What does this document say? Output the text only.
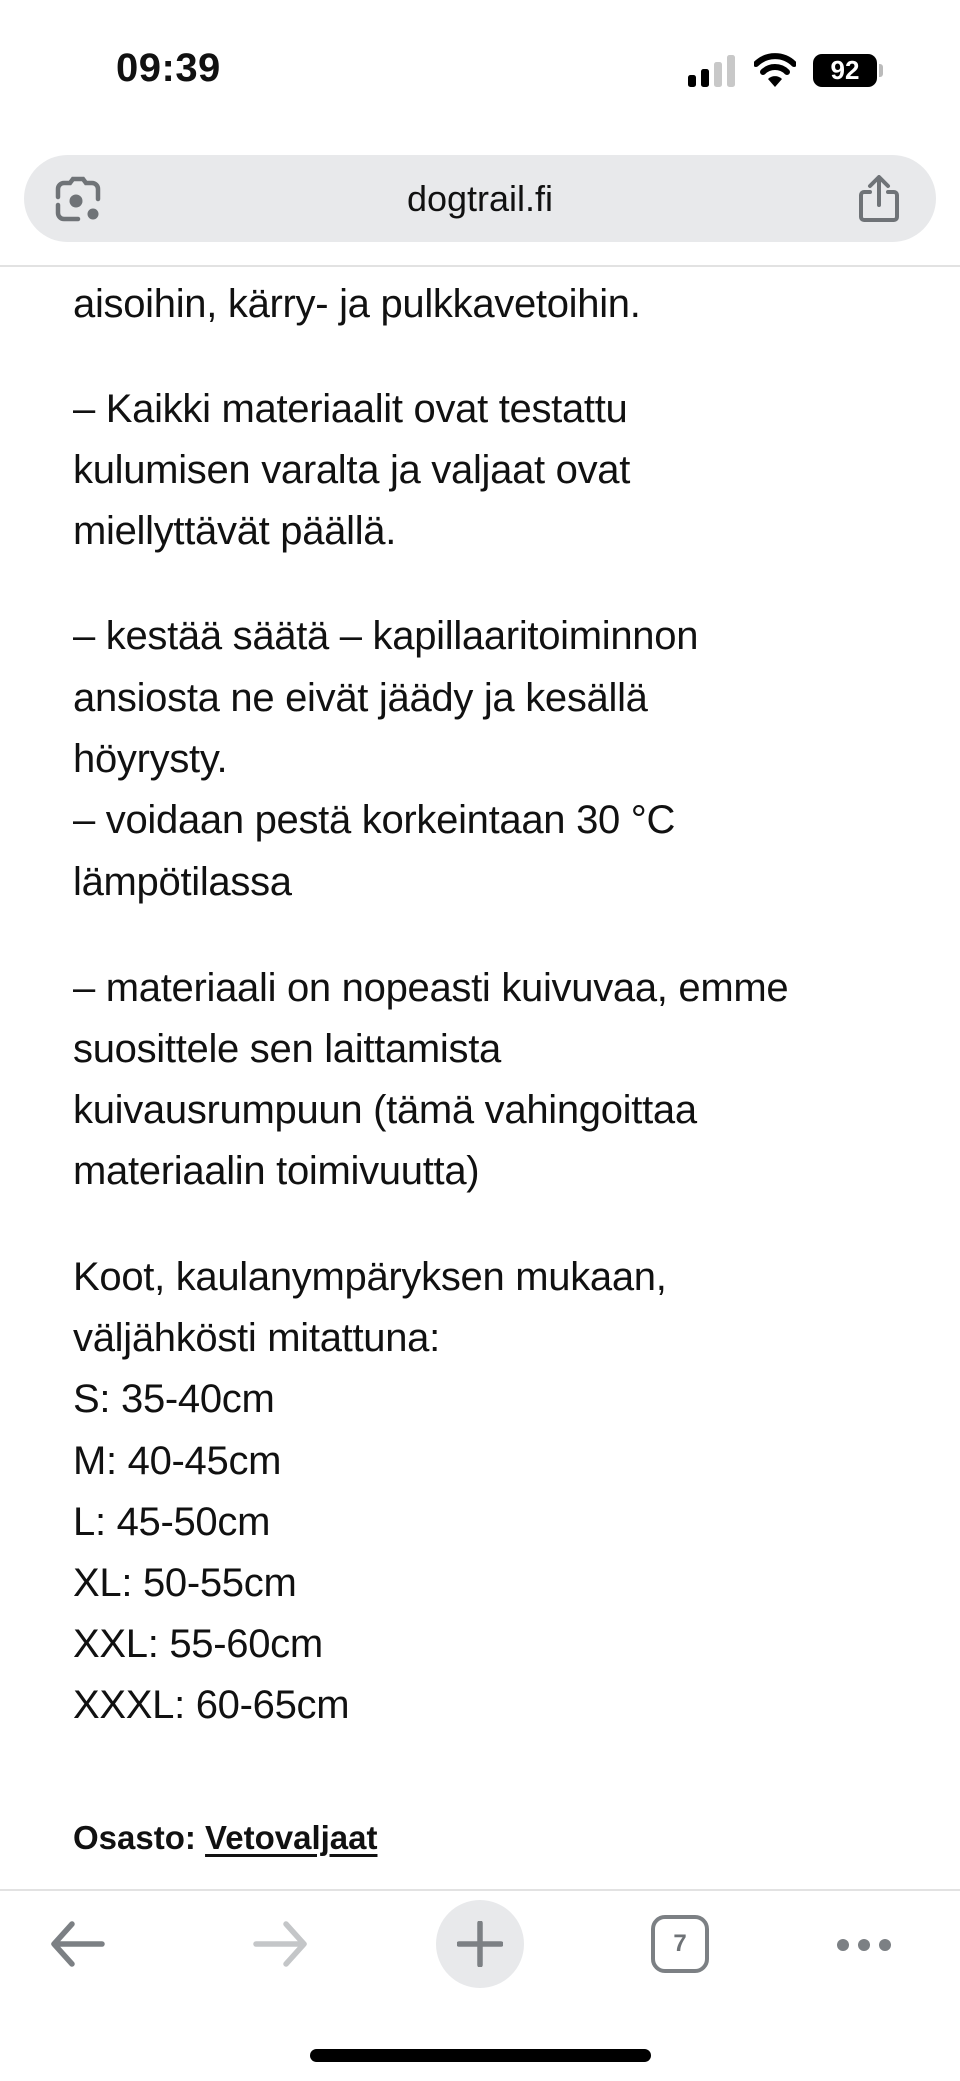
09:39	92
dogtrail.fi
aisoihin, kärry- ja pulkkavetoihin.
– Kaikki materiaalit ovat testattu
kulumisen varalta ja valjaat ovat
miellyttävät päällä.
– kestää säätä – kapillaaritoiminnon
ansiosta ne eivät jäädy ja kesällä
höyrysty.
– voidaan pestä korkeintaan 30 °C
lämpötilassa
– materiaali on nopeasti kuivuvaa, emme
suosittele sen laittamista
kuivausrumpuun (tämä vahingoittaa
materiaalin toimivuutta)
Koot, kaulanympäryksen mukaan,
väljähkösti mitattuna:
S: 35-40cm
M: 40-45cm
L: 45-50cm
XL: 50-55cm
XXL: 55-60cm
XXXL: 60-65cm
Osasto: Vetovaljaat
7
